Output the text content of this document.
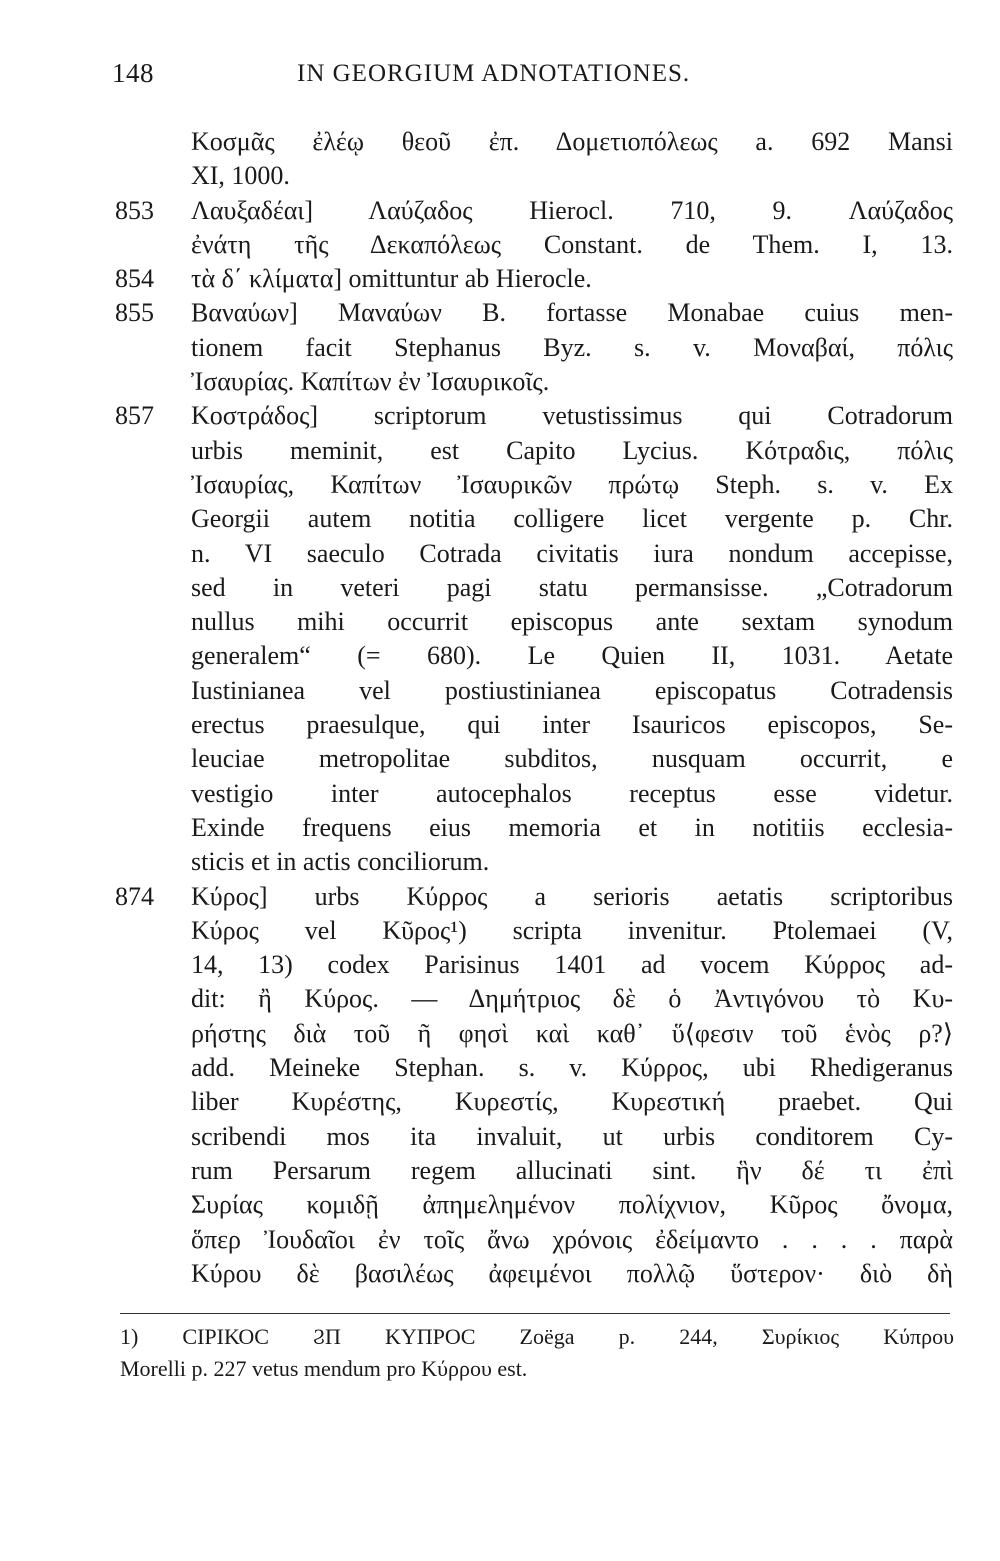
148	IN GEORGIUM ADNOTATIONES.
Κοσμᾶς ἐλέῳ θεοῦ ἐπ. Δομετιοπόλεως a. 692 Mansi
XI, 1000.
853	Λαυξαδέαι] Λαύζαδος Hierocl. 710, 9. Λαύζαδος
ἐνάτη τῆς Δεκαπόλεως Constant. de Them. I, 13.
854	τὰ δ΄ κλίματα] omittuntur ab Hierocle.
855	Βαναύων] Μαναύων B. fortasse Monabae cuius men-
tionem facit Stephanus Byz. s. v. Μοναβαί, πόλις
Ἰσαυρίας. Καπίτων ἐν Ἰσαυρικοῖς.
857	Κοστράδος] scriptorum vetustissimus qui Cotradorum
urbis meminit, est Capito Lycius. Κότραδις, πόλις
Ἰσαυρίας, Καπίτων Ἰσαυρικῶν πρώτῳ Steph. s. v. Ex
Georgii autem notitia colligere licet vergente p. Chr.
n. VI saeculo Cotrada civitatis iura nondum accepisse,
sed in veteri pagi statu permansisse. „Cotradorum
nullus mihi occurrit episcopus ante sextam synodum
generalem“ (= 680). Le Quien II, 1031. Aetate
Iustinianea vel postiustinianea episcopatus Cotradensis
erectus praesulque, qui inter Isauricos episcopos, Se-
leuciae metropolitae subditos, nusquam occurrit, e
vestigio inter autocephalos receptus esse videtur.
Exinde frequens eius memoria et in notitiis ecclesia-
sticis et in actis conciliorum.
874	Κύρος] urbs Κύρρος a serioris aetatis scriptoribus
Κύρος vel Κῦρος¹) scripta invenitur. Ptolemaei (V,
14, 13) codex Parisinus 1401 ad vocem Κύρρος ad-
dit: ἢ Κύρος. — Δημήτριος δὲ ὁ Ἀντιγόνου τὸ Κυ-
ρήστης διὰ τοῦ ῆ φησὶ καὶ καθ᾽ ὕ⟨φεσιν τοῦ ἑνὸς ρ?⟩
add. Meineke Stephan. s. v. Κύρρος, ubi Rhedigeranus
liber Κυρέστης, Κυρεστίς, Κυρεστική praebet. Qui
scribendi mos ita invaluit, ut urbis conditorem Cy-
rum Persarum regem allucinati sint. ἣν δέ τι ἐπὶ
Συρίας κομιδῇ ἀπημελημένον πολίχνιον, Κῦρος ὄνομα,
ὅπερ Ἰουδαῖοι ἐν τοῖς ἄνω χρόνοις ἐδείμαντο . . . . παρὰ
Κύρου δὲ βασιλέως ἀφειμένοι πολλῷ ὕστερον· διὸ δὴ
1) ϹΙΡΙΚΟϹ ϨΠ ΚΥΠΡΟϹ Zoëga p. 244, Συρίκιος Κύπρου
Morelli p. 227 vetus mendum pro Κύρρου est.
